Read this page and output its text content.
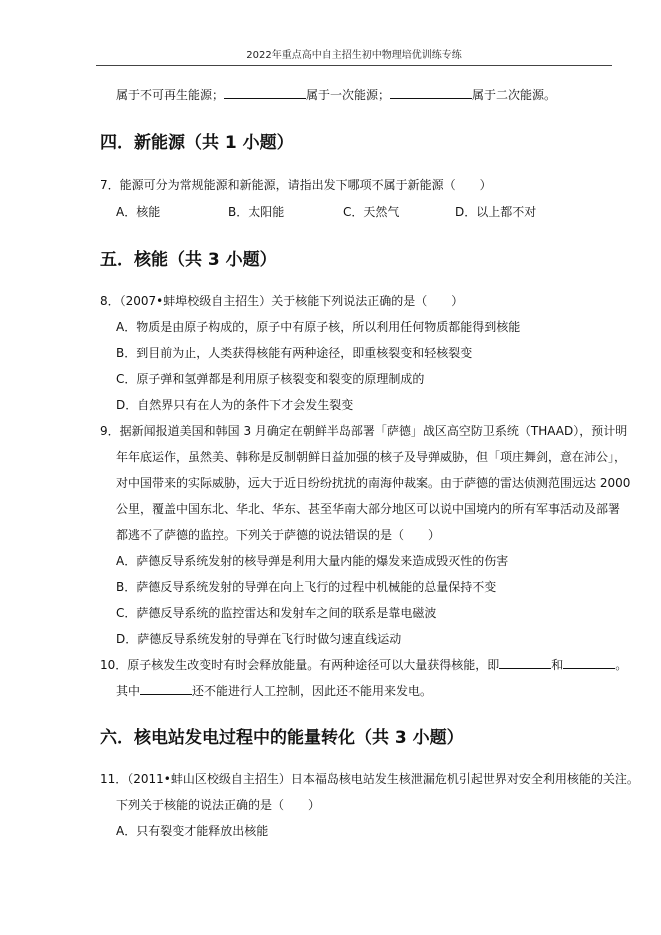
2022年重点高中自主招生初中物理培优训练专练
属于不可再生能源；	属于一次能源；	属于二次能源。
四．新能源（共 1 小题）
7．能源可分为常规能源和新能源，请指出发下哪项不属于新能源（　　）
A．核能	B．太阳能	C．天然气	D．以上都不对
五．核能（共 3 小题）
8．（2007•蚌埠校级自主招生）关于核能下列说法正确的是（　　）
A．物质是由原子构成的，原子中有原子核，所以利用任何物质都能得到核能
B．到目前为止，人类获得核能有两种途径，即重核裂变和轻核裂变
C．原子弹和氢弹都是利用原子核裂变和裂变的原理制成的
D．自然界只有在人为的条件下才会发生裂变
9．据新闻报道美国和韩国 3 月确定在朝鲜半岛部署「萨德」战区高空防卫系统（THAAD），预计明
年年底运作，虽然美、韩称是反制朝鲜日益加强的核子及导弹威胁，但「项庄舞剑，意在沛公」，
对中国带来的实际威胁，远大于近日纷纷扰扰的南海仲裁案。由于萨德的雷达侦测范围远达 2000
公里，覆盖中国东北、华北、华东、甚至华南大部分地区可以说中国境内的所有军事活动及部署
都逃不了萨德的监控。下列关于萨德的说法错误的是（　　）
A．萨德反导系统发射的核导弹是利用大量内能的爆发来造成毁灭性的伤害
B．萨德反导系统发射的导弹在向上飞行的过程中机械能的总量保持不变
C．萨德反导系统的监控雷达和发射车之间的联系是靠电磁波
D．萨德反导系统发射的导弹在飞行时做匀速直线运动
10．原子核发生改变时有时会释放能量。有两种途径可以大量获得核能，即	和	。
其中	还不能进行人工控制，因此还不能用来发电。
六．核电站发电过程中的能量转化（共 3 小题）
11．（2011•蚌山区校级自主招生）日本福岛核电站发生核泄漏危机引起世界对安全利用核能的关注。
下列关于核能的说法正确的是（　　）
A．只有裂变才能释放出核能
